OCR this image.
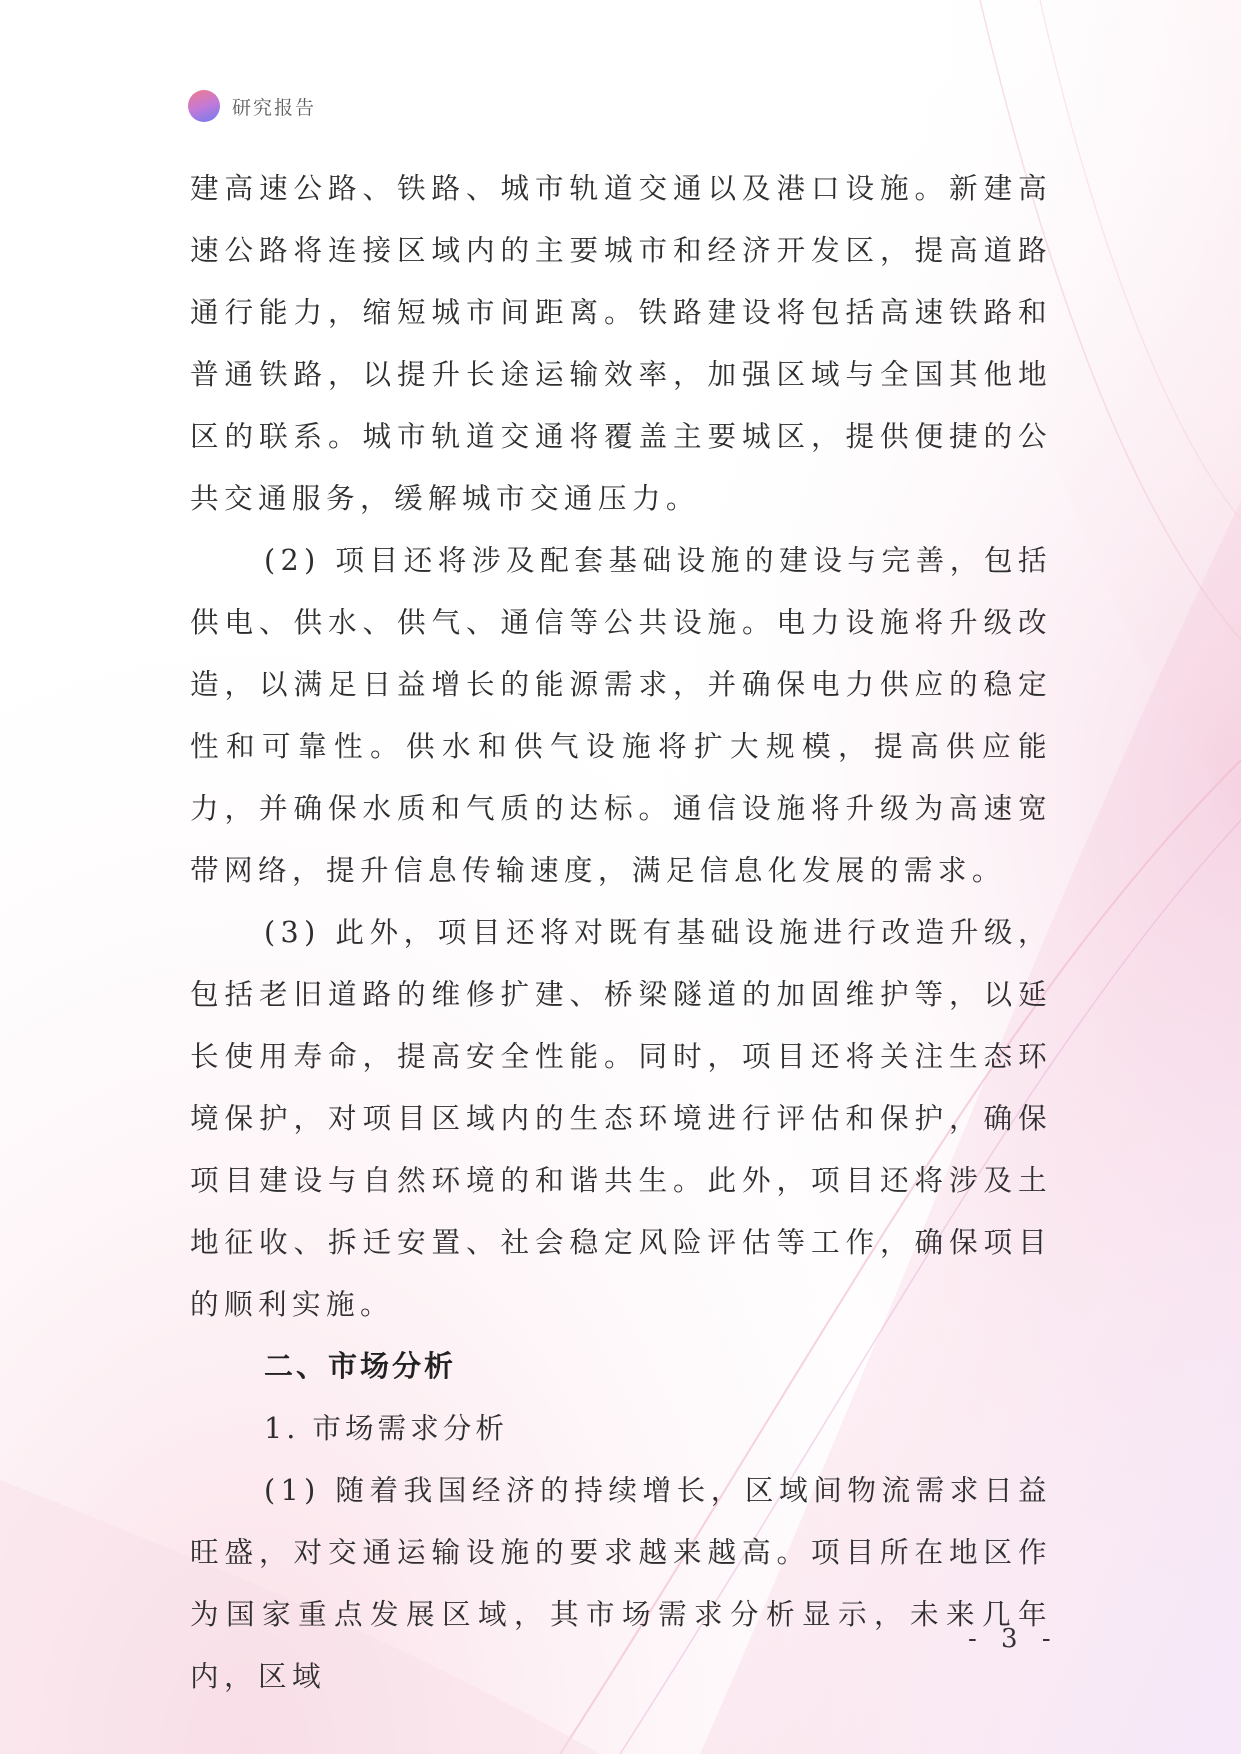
研究报告

建高速公路、铁路、城市轨道交通以及港口设施。新建高速公路将连接区域内的主要城市和经济开发区，提高道路通行能力，缩短城市间距离。铁路建设将包括高速铁路和普通铁路，以提升长途运输效率，加强区域与全国其他地区的联系。城市轨道交通将覆盖主要城区，提供便捷的公共交通服务，缓解城市交通压力。

(2) 项目还将涉及配套基础设施的建设与完善，包括供电、供水、供气、通信等公共设施。电力设施将升级改造，以满足日益增长的能源需求，并确保电力供应的稳定性和可靠性。供水和供气设施将扩大规模，提高供应能力，并确保水质和气质的达标。通信设施将升级为高速宽带网络，提升信息传输速度，满足信息化发展的需求。

(3) 此外，项目还将对既有基础设施进行改造升级，包括老旧道路的维修扩建、桥梁隧道的加固维护等，以延长使用寿命，提高安全性能。同时，项目还将关注生态环境保护，对项目区域内的生态环境进行评估和保护，确保项目建设与自然环境的和谐共生。此外，项目还将涉及土地征收、拆迁安置、社会稳定风险评估等工作，确保项目的顺利实施。

二、市场分析
1. 市场需求分析

(1) 随着我国经济的持续增长，区域间物流需求日益旺盛，对交通运输设施的要求越来越高。项目所在地区作为国家重点发展区域，其市场需求分析显示，未来几年内，区域

- 3 -
